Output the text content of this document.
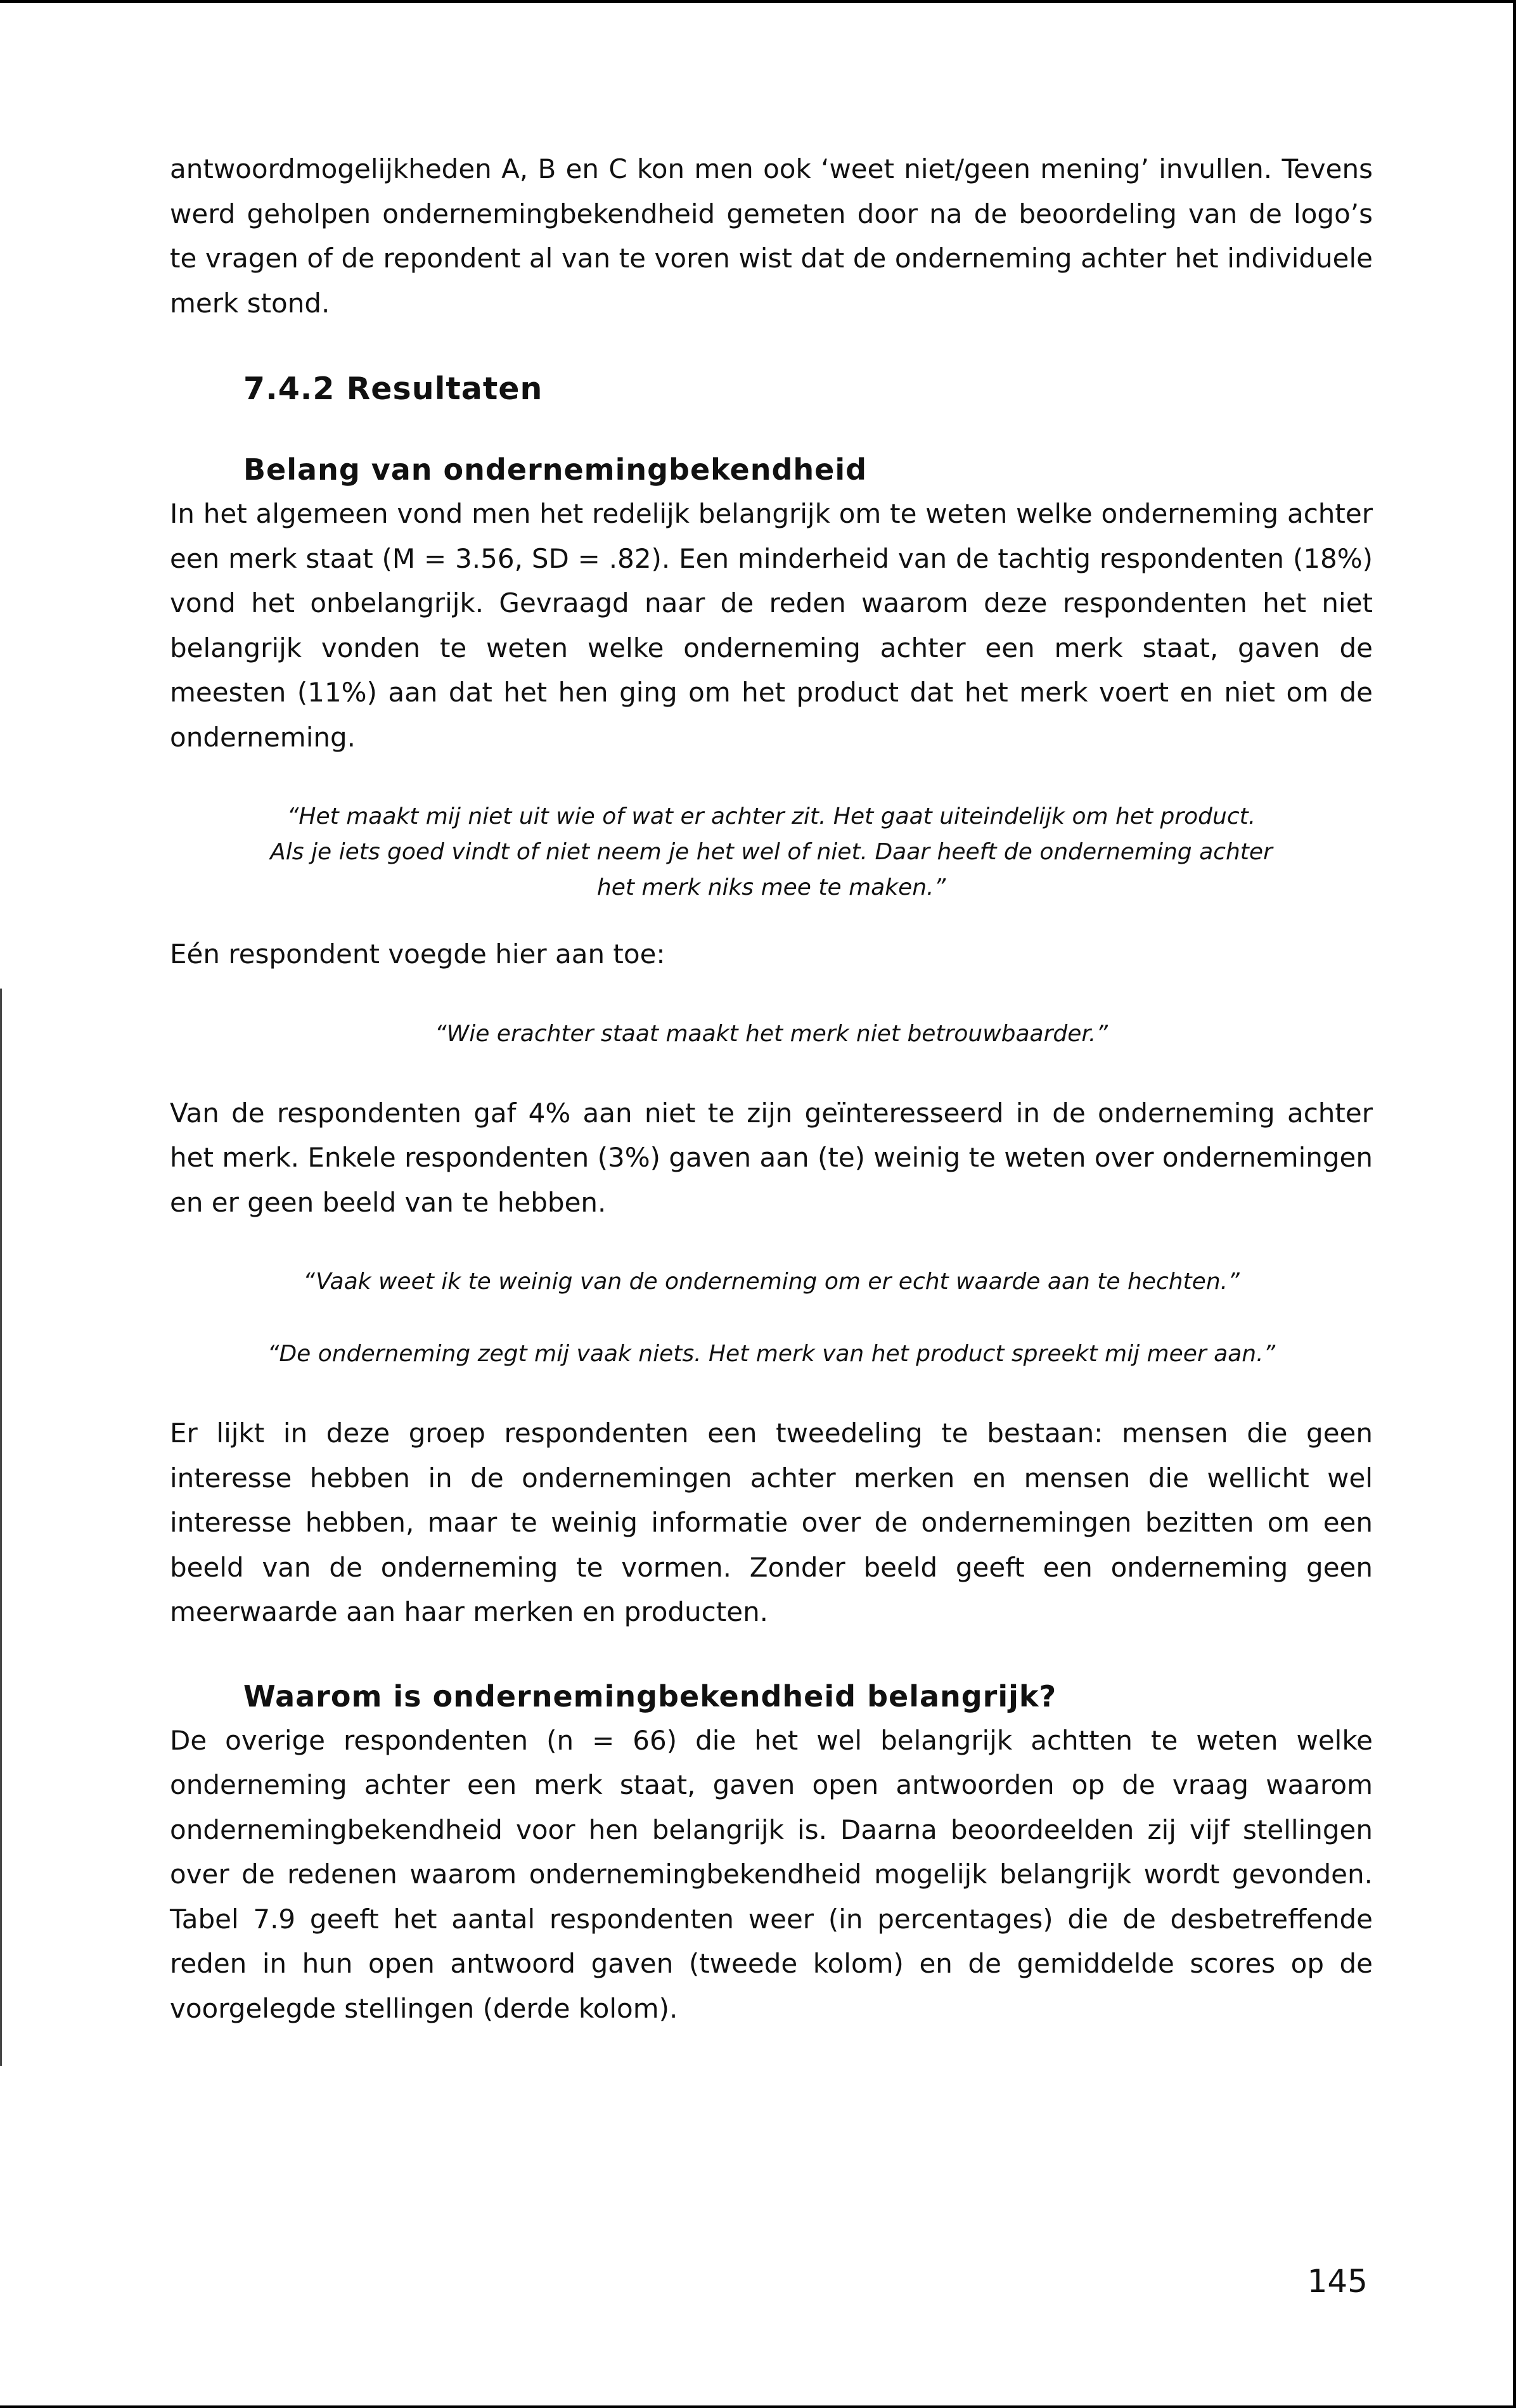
antwoordmogelijkheden A, B en C kon men ook ‘weet niet/geen mening’ invullen. Tevens werd geholpen ondernemingbekendheid gemeten door na de beoordeling van de logo’s te vragen of de repondent al van te voren wist dat de onderneming achter het individuele merk stond.

7.4.2 Resultaten
Belang van ondernemingbekendheid

In het algemeen vond men het redelijk belangrijk om te weten welke onderneming achter een merk staat (M = 3.56, SD = .82). Een minderheid van de tachtig respondenten (18%) vond het onbelangrijk. Gevraagd naar de reden waarom deze respondenten het niet belangrijk vonden te weten welke onderneming achter een merk staat, gaven de meesten (11%) aan dat het hen ging om het product dat het merk voert en niet om de onderneming.

“Het maakt mij niet uit wie of wat er achter zit. Het gaat uiteindelijk om het product.
Als je iets goed vindt of niet neem je het wel of niet. Daar heeft de onderneming achter
het merk niks mee te maken.”

Eén respondent voegde hier aan toe:

“Wie erachter staat maakt het merk niet betrouwbaarder.”

Van de respondenten gaf 4% aan niet te zijn geïnteresseerd in de onderneming achter het merk. Enkele respondenten (3%) gaven aan (te) weinig te weten over ondernemingen en er geen beeld van te hebben.

“Vaak weet ik te weinig van de onderneming om er echt waarde aan te hechten.”
“De onderneming zegt mij vaak niets. Het merk van het product spreekt mij meer aan.”

Er lijkt in deze groep respondenten een tweedeling te bestaan: mensen die geen interesse hebben in de ondernemingen achter merken en mensen die wellicht wel interesse hebben, maar te weinig informatie over de ondernemingen bezitten om een beeld van de onderneming te vormen. Zonder beeld geeft een onderneming geen meerwaarde aan haar merken en producten.

Waarom is ondernemingbekendheid belangrijk?

De overige respondenten (n = 66) die het wel belangrijk achtten te weten welke onderneming achter een merk staat, gaven open antwoorden op de vraag waarom ondernemingbekendheid voor hen belangrijk is. Daarna beoordeelden zij vijf stellingen over de redenen waarom ondernemingbekendheid mogelijk belangrijk wordt gevonden. Tabel 7.9 geeft het aantal respondenten weer (in percentages) die de desbetreffende reden in hun open antwoord gaven (tweede kolom) en de gemiddelde scores op de voorgelegde stellingen (derde kolom).

145
